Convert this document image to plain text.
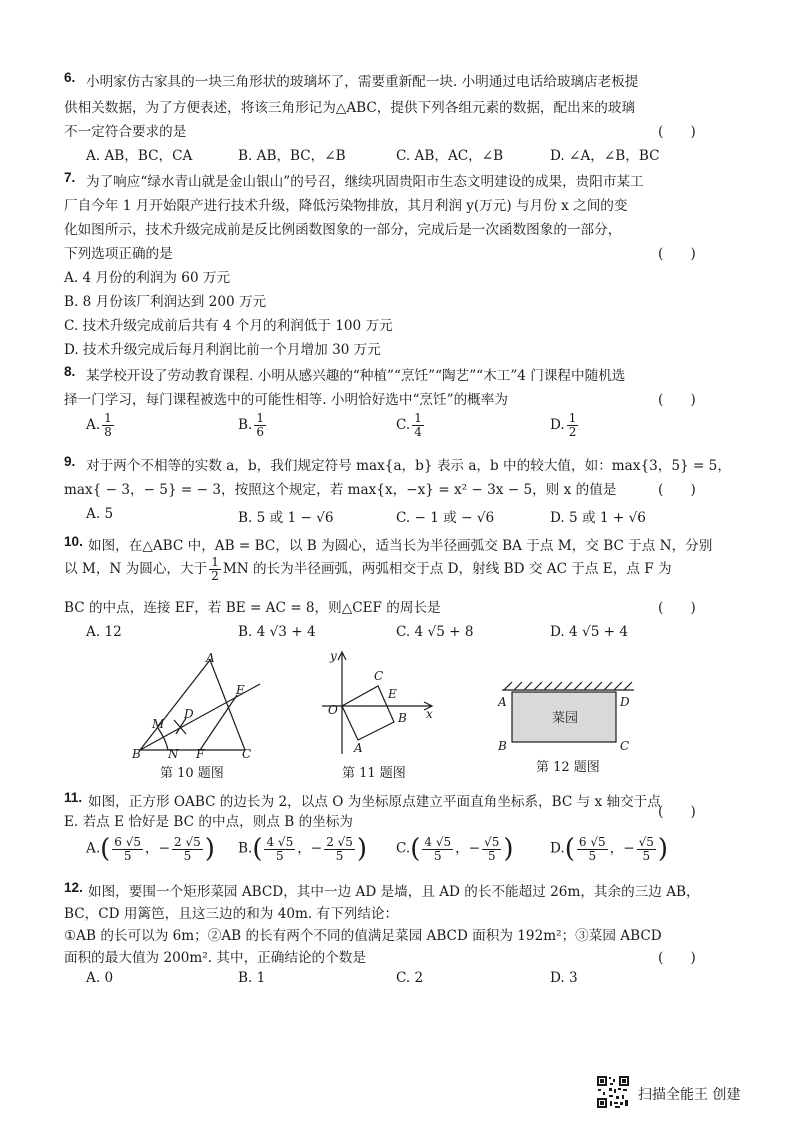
6. 小明家仿古家具的一块三角形状的玻璃坏了，需要重新配一块. 小明通过电话给玻璃店老板提
供相关数据，为了方便表述，将该三角形记为△ABC，提供下列各组元素的数据，配出来的玻璃
不一定符合要求的是	(　　)
A. AB，BC，CA	B. AB，BC，∠B	C. AB，AC，∠B	D. ∠A，∠B，BC
7. 为了响应“绿水青山就是金山银山”的号召，继续巩固贵阳市生态文明建设的成果，贵阳市某工
厂自今年 1 月开始限产进行技术升级，降低污染物排放，其月利润 y(万元) 与月份 x 之间的变
化如图所示，技术升级完成前是反比例函数图象的一部分，完成后是一次函数图象的一部分，
下列选项正确的是	(　　)
A. 4 月份的利润为 60 万元
B. 8 月份该厂利润达到 200 万元
C. 技术升级完成前后共有 4 个月的利润低于 100 万元
D. 技术升级完成后每月利润比前一个月增加 30 万元
8. 某学校开设了劳动教育课程. 小明从感兴趣的“种植”“烹饪”“陶艺”“木工”4 门课程中随机选
择一门学习，每门课程被选中的可能性相等. 小明恰好选中“烹饪”的概率为	(　　)
A. $\frac{1}{8}$	B. $\frac{1}{6}$	C. $\frac{1}{4}$	D. $\frac{1}{2}$
9. 对于两个不相等的实数 a，b，我们规定符号 max{a，b} 表示 a，b 中的较大值，如：max{3，5} = 5，
max{ − 3，− 5} = − 3，按照这个规定，若 max{x，−x} = x² − 3x − 5，则 x 的值是	(　　)
A. 5	B. 5 或 1 − √6	C. − 1 或 − √6	D. 5 或 1 + √6
10. 如图，在△ABC 中，AB = BC，以 B 为圆心，适当长为半径画弧交 BA 于点 M，交 BC 于点 N，分别
以 M，N 为圆心，大于 $\frac{1}{2}$ MN 的长为半径画弧，两弧相交于点 D，射线 BD 交 AC 于点 E，点 F 为
BC 的中点，连接 EF，若 BE = AC = 8，则△CEF 的周长是	(　　)
A. 12	B. 4 √3 + 4	C. 4 √5 + 8	D. 4 √5 + 4
A
B	C
D
E
F
M
N
第 10 题图
y
x
O
A
B
C
E
第 11 题图
菜园
A
B	C
D
第 12 题图
11. 如图，正方形 OABC 的边长为 2，以点 O 为坐标原点建立平面直角坐标系，BC 与 x 轴交于点
E. 若点 E 恰好是 BC 的中点，则点 B 的坐标为
(　　)
$A.( \frac{6 √5}{5}$ ，− $\frac{2 √5}{5}$ ) $B.( \frac{4 √5}{5}$ ，− $\frac{2 √5}{5}$ ) $C.( \frac{4 √5}{5}$ ，− $\frac{√5}{5}$ )	$D.( \frac{6 √5}{5}$ ，− $\frac{√5}{5}$ )
12. 如图，要围一个矩形菜园 ABCD，其中一边 AD 是墙，且 AD 的长不能超过 26m，其余的三边 AB，
BC，CD 用篱笆，且这三边的和为 40m. 有下列结论：
①AB 的长可以为 6m；②AB 的长有两个不同的值满足菜园 ABCD 面积为 192m²；③菜园 ABCD
面积的最大值为 200m². 其中，正确结论的个数是	(　　)
A. 0	B. 1	C. 2	D. 3
扫描全能王 创建
